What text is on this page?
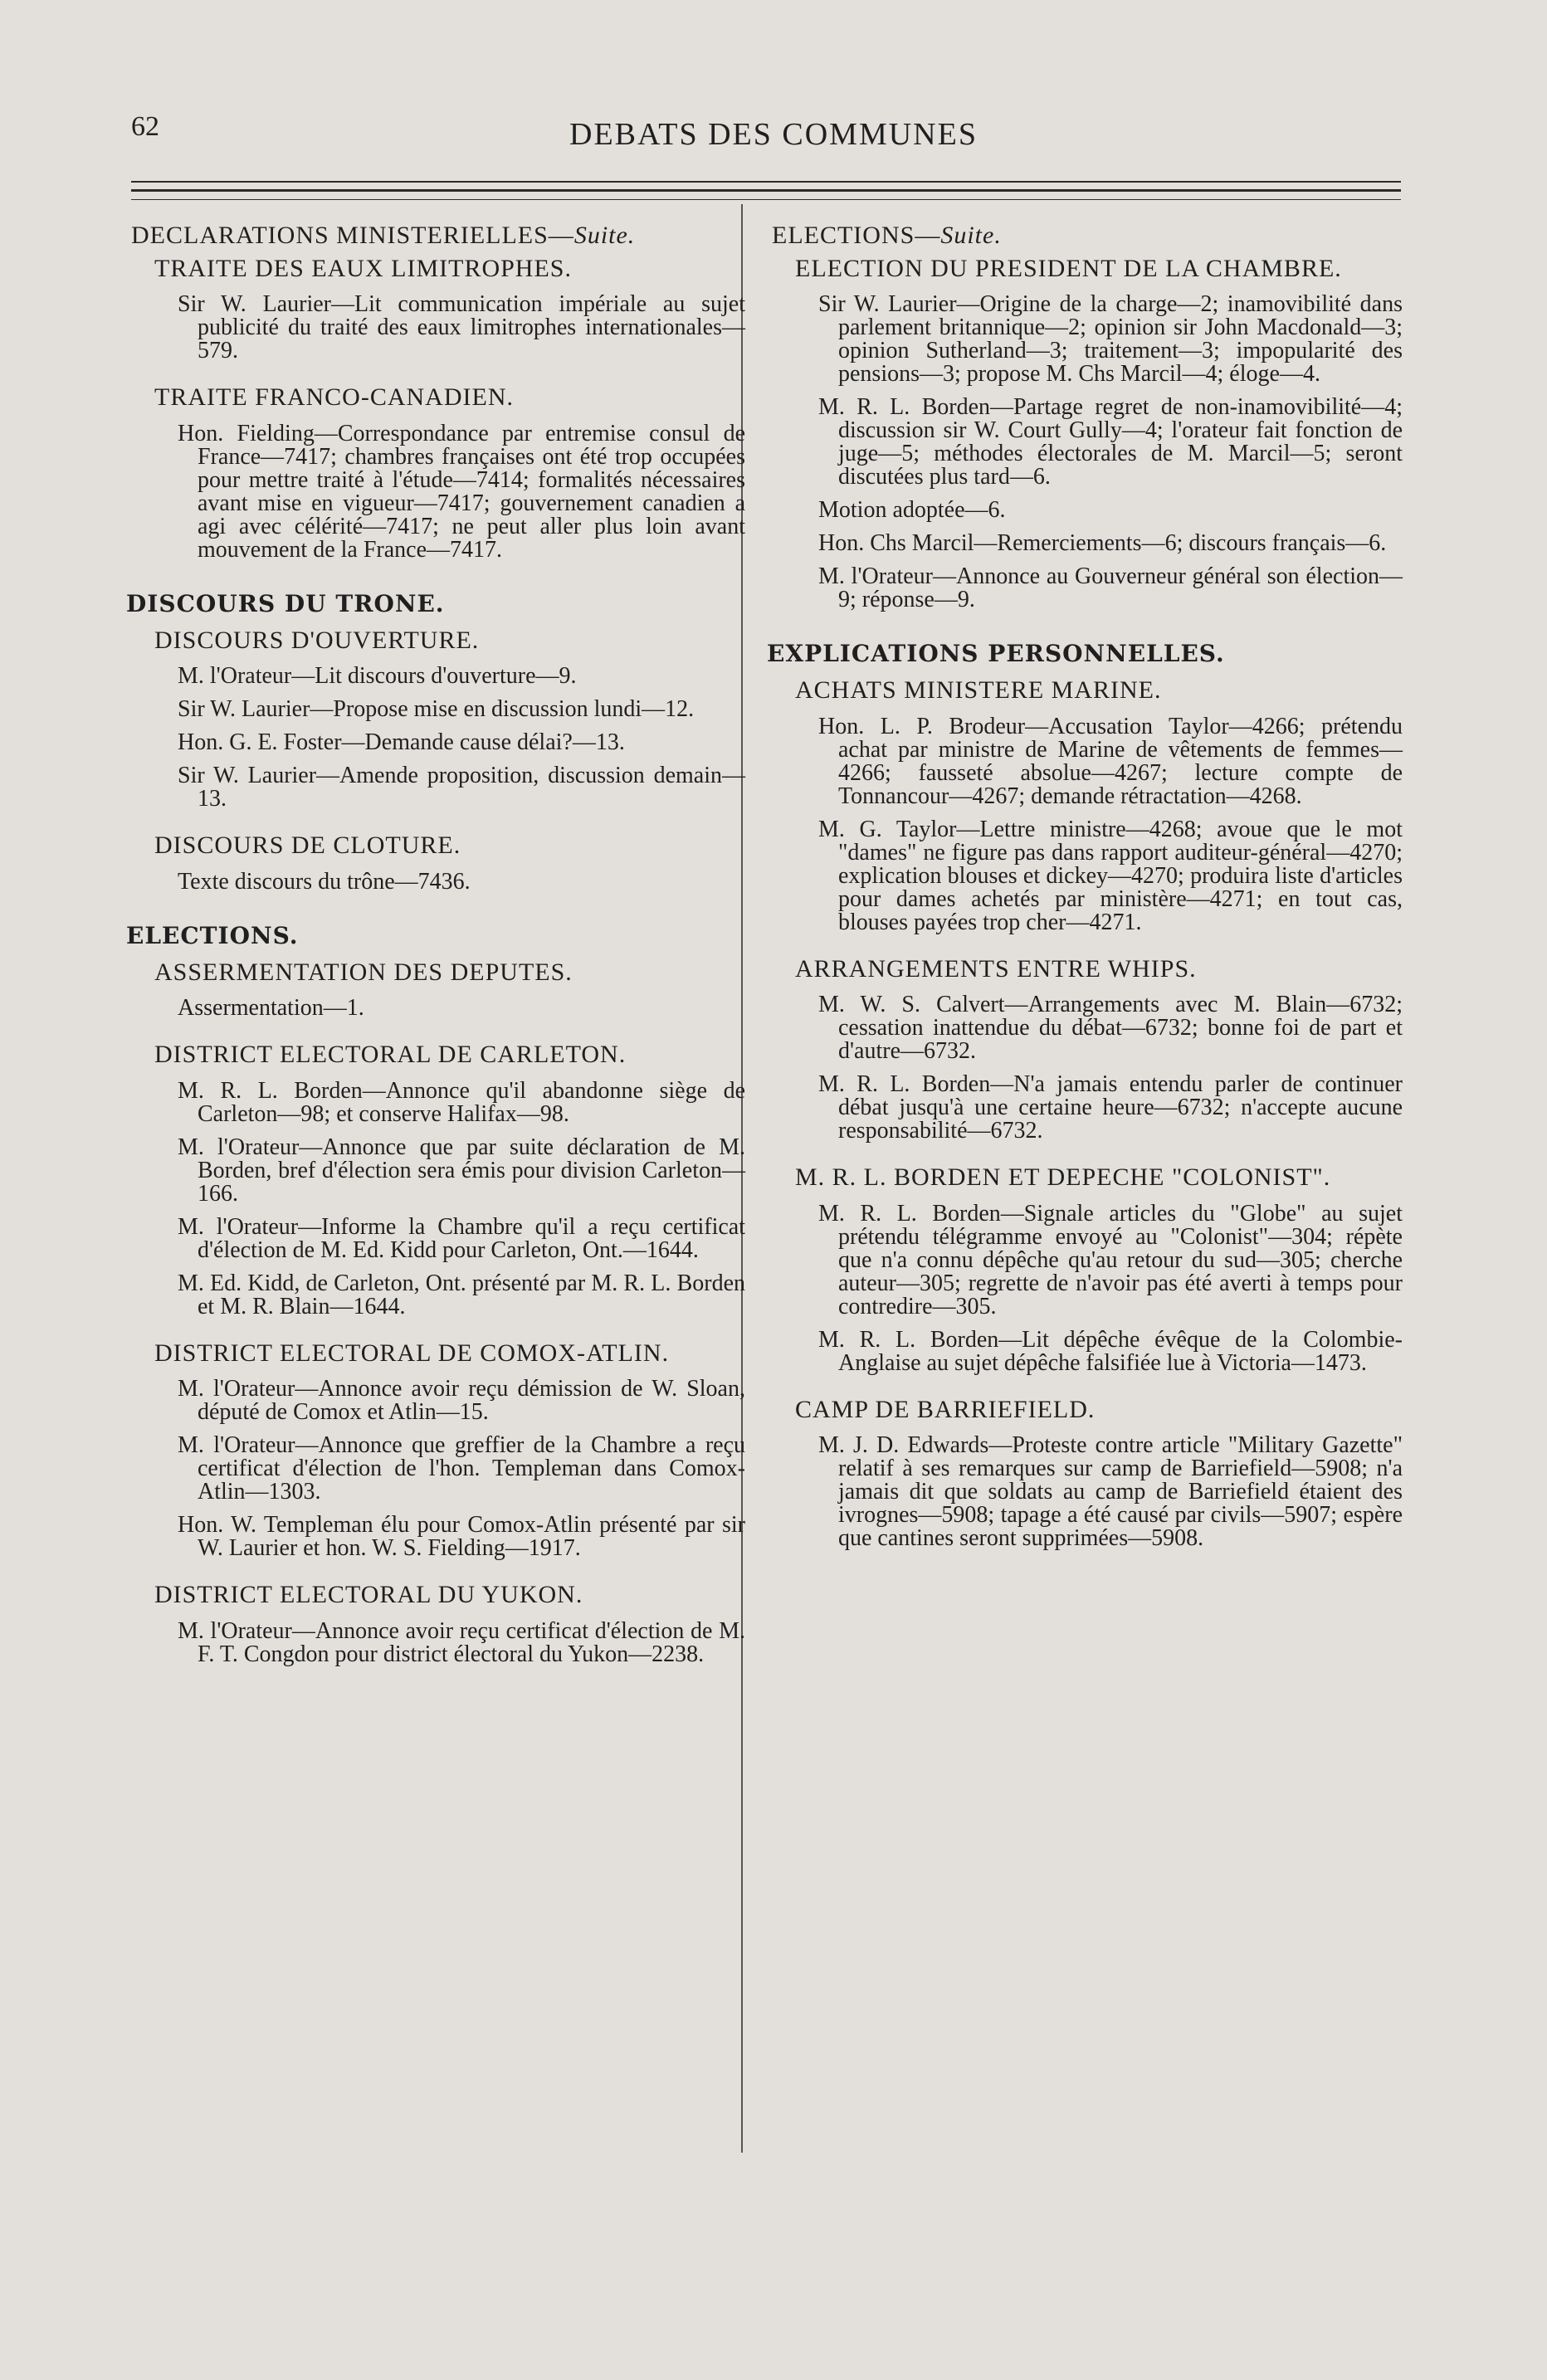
62	DEBATS DES COMMUNES
DECLARATIONS MINISTERIELLES—Suite.
TRAITE DES EAUX LIMITROPHES.

Sir W. Laurier—Lit communication impériale au sujet publicité du traité des eaux limitrophes internationales—579.

TRAITE FRANCO-CANADIEN.

Hon. Fielding—Correspondance par entremise consul de France—7417; chambres françaises ont été trop occupées pour mettre traité à l'étude—7414; formalités nécessaires avant mise en vigueur—7417; gouvernement canadien a agi avec célérité—7417; ne peut aller plus loin avant mouvement de la France—7417.

DISCOURS DU TRONE.
DISCOURS D'OUVERTURE.

M. l'Orateur—Lit discours d'ouverture—9.

Sir W. Laurier—Propose mise en discussion lundi—12.

Hon. G. E. Foster—Demande cause délai?—13.

Sir W. Laurier—Amende proposition, discussion demain—13.

DISCOURS DE CLOTURE.

Texte discours du trône—7436.

ELECTIONS.
ASSERMENTATION DES DEPUTES.

Assermentation—1.

DISTRICT ELECTORAL DE CARLETON.

M. R. L. Borden—Annonce qu'il abandonne siège de Carleton—98; et conserve Halifax—98.

M. l'Orateur—Annonce que par suite déclaration de M. Borden, bref d'élection sera émis pour division Carleton—166.

M. l'Orateur—Informe la Chambre qu'il a reçu certificat d'élection de M. Ed. Kidd pour Carleton, Ont.—1644.

M. Ed. Kidd, de Carleton, Ont. présenté par M. R. L. Borden et M. R. Blain—1644.

DISTRICT ELECTORAL DE COMOX-ATLIN.

M. l'Orateur—Annonce avoir reçu démission de W. Sloan, député de Comox et Atlin—15.

M. l'Orateur—Annonce que greffier de la Chambre a reçu certificat d'élection de l'hon. Templeman dans Comox-Atlin—1303.

Hon. W. Templeman élu pour Comox-Atlin présenté par sir W. Laurier et hon. W. S. Fielding—1917.

DISTRICT ELECTORAL DU YUKON.

M. l'Orateur—Annonce avoir reçu certificat d'élection de M. F. T. Congdon pour district électoral du Yukon—2238.

ELECTIONS—Suite.
ELECTION DU PRESIDENT DE LA CHAMBRE.

Sir W. Laurier—Origine de la charge—2; inamovibilité dans parlement britannique—2; opinion sir John Macdonald—3; opinion Sutherland—3; traitement—3; impopularité des pensions—3; propose M. Chs Marcil—4; éloge—4.

M. R. L. Borden—Partage regret de non-inamovibilité—4; discussion sir W. Court Gully—4; l'orateur fait fonction de juge—5; méthodes électorales de M. Marcil—5; seront discutées plus tard—6.

Motion adoptée—6.

Hon. Chs Marcil—Remerciements—6; discours français—6.

M. l'Orateur—Annonce au Gouverneur général son élection—9; réponse—9.

EXPLICATIONS PERSONNELLES.
ACHATS MINISTERE MARINE.

Hon. L. P. Brodeur—Accusation Taylor—4266; prétendu achat par ministre de Marine de vêtements de femmes—4266; fausseté absolue—4267; lecture compte de Tonnancour—4267; demande rétractation—4268.

M. G. Taylor—Lettre ministre—4268; avoue que le mot "dames" ne figure pas dans rapport auditeur-général—4270; explication blouses et dickey—4270; produira liste d'articles pour dames achetés par ministère—4271; en tout cas, blouses payées trop cher—4271.

ARRANGEMENTS ENTRE WHIPS.

M. W. S. Calvert—Arrangements avec M. Blain—6732; cessation inattendue du débat—6732; bonne foi de part et d'autre—6732.

M. R. L. Borden—N'a jamais entendu parler de continuer débat jusqu'à une certaine heure—6732; n'accepte aucune responsabilité—6732.

M. R. L. BORDEN ET DEPECHE "COLONIST".

M. R. L. Borden—Signale articles du "Globe" au sujet prétendu télégramme envoyé au "Colonist"—304; répète que n'a connu dépêche qu'au retour du sud—305; cherche auteur—305; regrette de n'avoir pas été averti à temps pour contredire—305.

M. R. L. Borden—Lit dépêche évêque de la Colombie-Anglaise au sujet dépêche falsifiée lue à Victoria—1473.

CAMP DE BARRIEFIELD.

M. J. D. Edwards—Proteste contre article "Military Gazette" relatif à ses remarques sur camp de Barriefield—5908; n'a jamais dit que soldats au camp de Barriefield étaient des ivrognes—5908; tapage a été causé par civils—5907; espère que cantines seront supprimées—5908.
